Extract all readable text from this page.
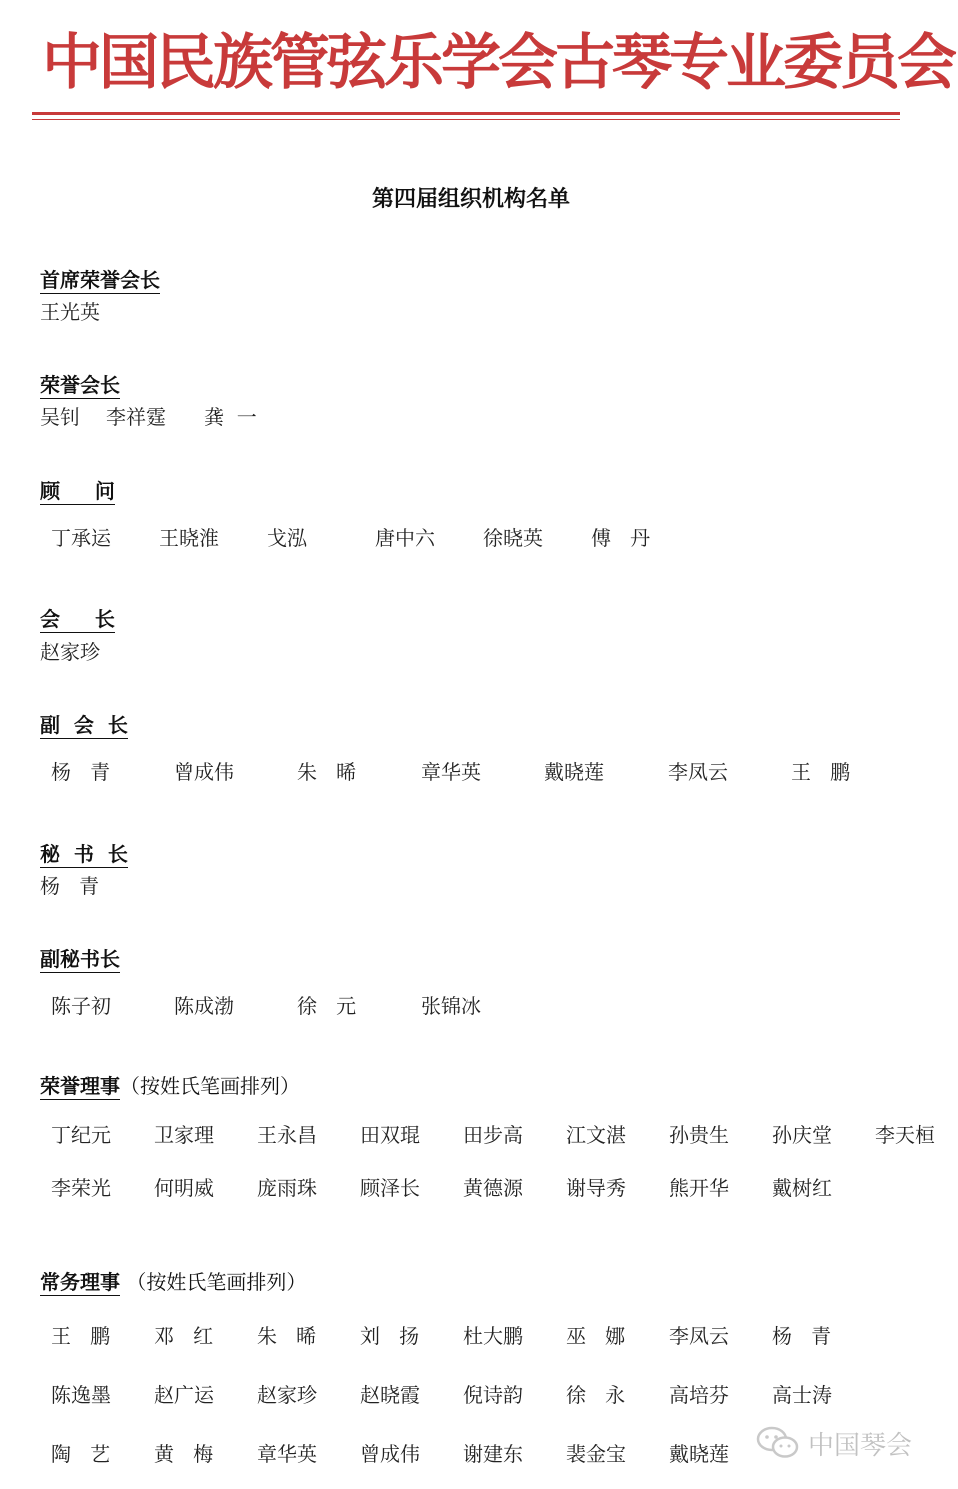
中国民族管弦乐学会古琴专业委员会
第四届组织机构名单
首席荣誉会长
王光英
荣誉会长
吴钊 李祥霆 龚  一
顾     问
丁承运 王晓淮 戈泓	唐中六 徐晓英 傅   丹
会     长
赵家珍
副  会  长
杨   青	曾成伟	朱   晞	章华英	戴晓莲	李凤云	王   鹏
秘  书  长
杨   青
副秘书长
陈子初	陈成渤	徐   元	张锦冰
荣誉理事（按姓氏笔画排列）
丁纪元 卫家理 王永昌 田双琨 田步高 江文湛 孙贵生 孙庆堂 李天桓
李荣光 何明威 庞雨珠 顾泽长 黄德源 谢导秀 熊开华 戴树红
常务理事 （按姓氏笔画排列）
王   鹏 邓   红 朱   晞 刘   扬 杜大鹏 巫   娜 李凤云 杨   青
陈逸墨 赵广运 赵家珍 赵晓霞 倪诗韵 徐   永 高培芬 高士涛
陶   艺 黄   梅 章华英 曾成伟 谢建东 裴金宝 戴晓莲	中国琴会
